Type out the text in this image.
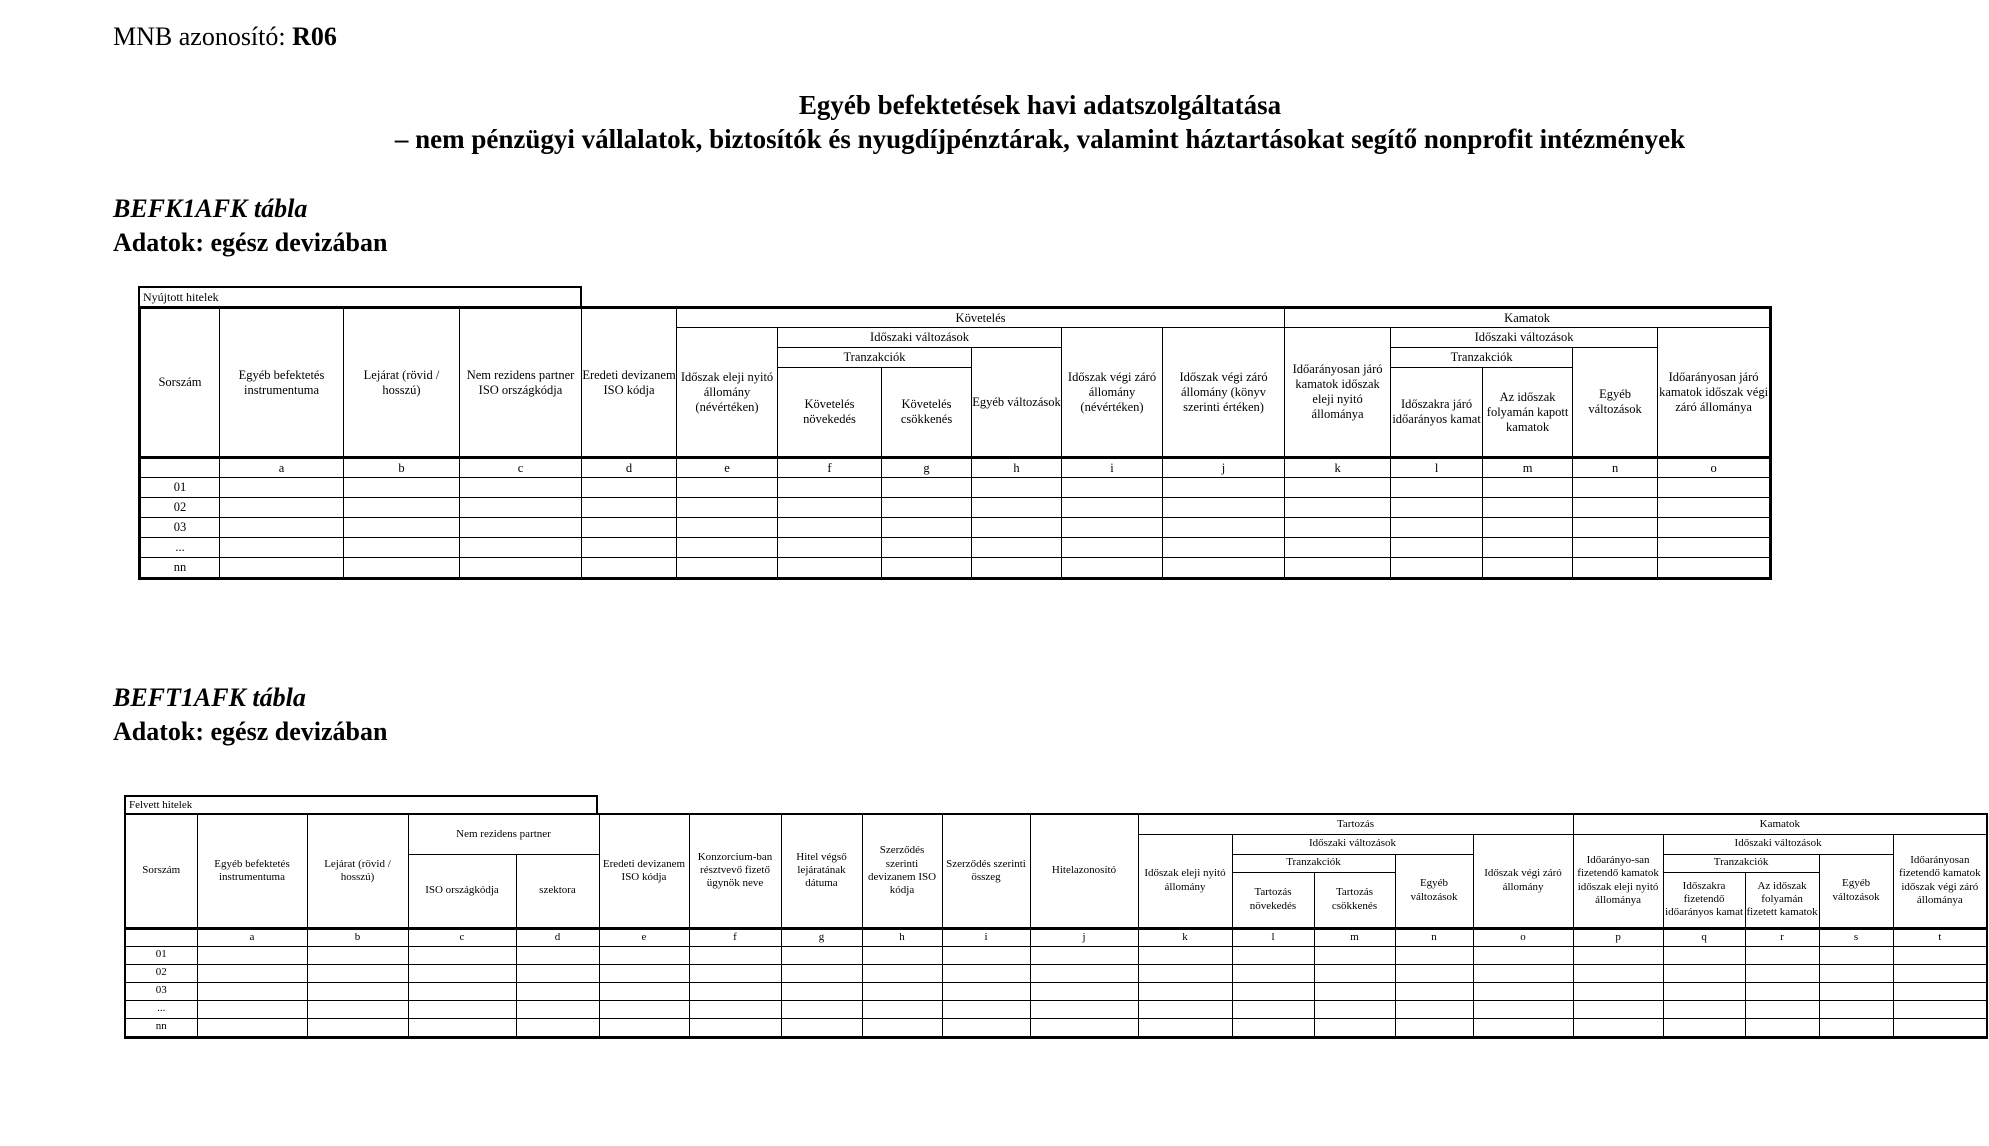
MNB azonosító: R06
Egyéb befektetések havi adatszolgáltatása
– nem pénzügyi vállalatok, biztosítók és nyugdíjpénztárak, valamint háztartásokat segítő nonprofit intézmények
BEFK1AFK tábla
Adatok: egész devizában
Nyújtott hitelek
Sorszám	Egyéb befektetés instrumentuma	Lejárat (rövid / hosszú)	Nem rezidens partner ISO országkódja	Eredeti devizanem ISO kódja	Követelés						Kamatok				
					Időszak eleji nyitó állomány (névértéken)	Időszaki változások			Időszak végi záró állomány (névértéken)	Időszak végi záró állomány (könyv szerinti értéken)	Időarányosan járó kamatok időszak eleji nyitó állománya	Időszaki változások			Időarányosan járó kamatok időszak végi záró állománya
						Tranzakciók		Egyéb változások				Tranzakciók		Egyéb változások	
						Követelés növekedés	Követelés csökkenés					Időszakra járó időarányos kamat	Az időszak folyamán kapott kamatok		
	a	b	c	d	e	f	g	h	i	j	k	l	m	n	o
01															
02															
03															
...															
nn															
BEFT1AFK tábla
Adatok: egész devizában
Felvett hitelek
Sorszám	Egyéb befektetés instrumentuma	Lejárat (rövid / hosszú)	Nem rezidens partner		Eredeti devizanem ISO kódja	Konzorcium-ban résztvevő fizető ügynök neve	Hitel végső lejáratának dátuma	Szerződés szerinti devizanem ISO kódja	Szerződés szerinti összeg	Hitelazonosító	Tartozás					Kamatok				
											Időszak eleji nyitó állomány	Időszaki változások			Időszak végi záró állomány	Időarányo-san fizetendő kamatok időszak eleji nyitó állománya	Időszaki változások			Időarányosan fizetendő kamatok időszak végi záró állománya
			ISO országkódja	szektora								Tranzakciók		Egyéb változások			Tranzakciók		Egyéb változások	
												Tartozás növekedés	Tartozás csökkenés				Időszakra fizetendő időarányos kamat	Az időszak folyamán fizetett kamatok		
	a	b	c	d	e	f	g	h	i	j	k	l	m	n	o	p	q	r	s	t
01																				
02																				
03																				
...																				
nn																				
